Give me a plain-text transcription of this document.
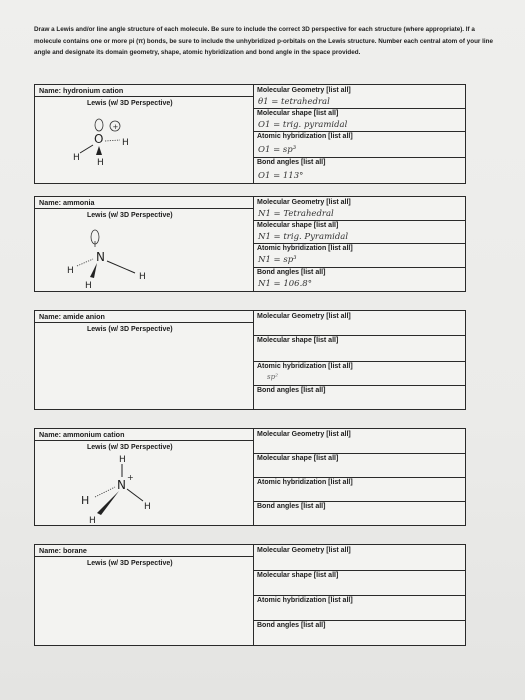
Draw a Lewis and/or line angle structure of each molecule. Be sure to include the correct 3D perspective for each structure (where appropriate). If a molecule contains one or more pi (π) bonds, be sure to include the unhybridized p-orbitals on the Lewis structure. Number each central atom of your line angle and designate its domain geometry, shape, atomic hybridization and bond angle in the space provided.
Name: hydronium cation
Lewis (w/ 3D Perspective)
+
O H
H H
Molecular Geometry [list all]
θ1 = tetrahedral
Molecular shape [list all]
O1 = trig. pyramidal
Atomic hybridization [list all]
O1 = sp³
Bond angles [list all]
O1 = 113°
Name: ammonia
Lewis (w/ 3D Perspective)
N
H
H
H
Molecular Geometry [list all]
N1 = Tetrahedral
Molecular shape [list all]
N1 = trig. Pyramidal
Atomic hybridization [list all]
N1 = sp³
Bond angles [list all]
N1 = 106.8°
Name: amide anion
Lewis (w/ 3D Perspective)
Molecular Geometry [list all]
Molecular shape [list all]
Atomic hybridization [list all]
sp²
Bond angles [list all]
Name: ammonium cation
Lewis (w/ 3D Perspective)
H
N
+
H	H
H
Molecular Geometry [list all]
Molecular shape [list all]
Atomic hybridization [list all]
Bond angles [list all]
Name: borane
Lewis (w/ 3D Perspective)
Molecular Geometry [list all]
Molecular shape [list all]
Atomic hybridization [list all]
Bond angles [list all]
